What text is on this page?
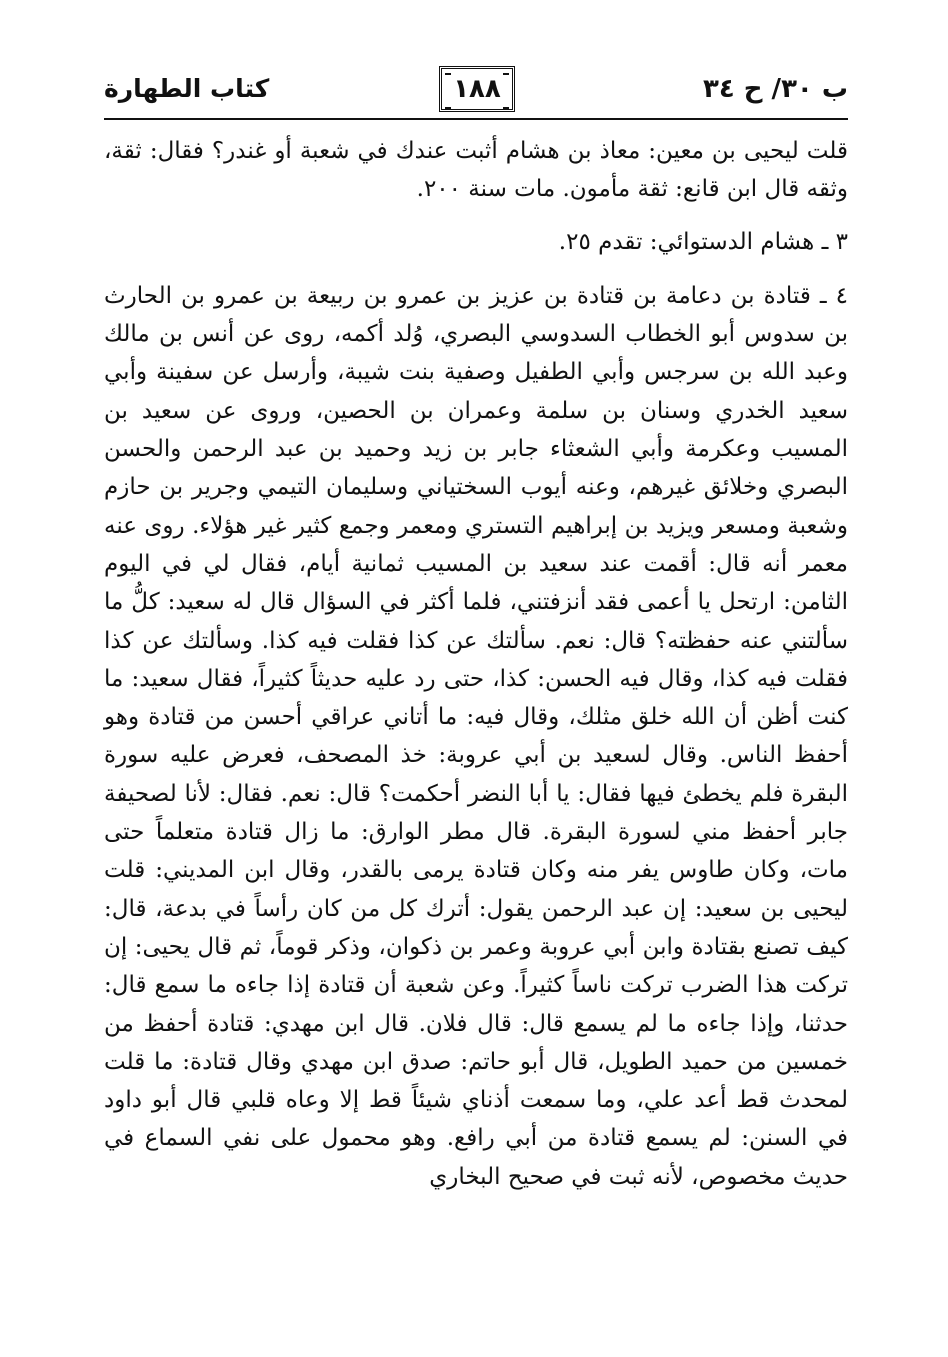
ب ٣٠/ ح ٣٤
١٨٨
كتاب الطهارة

قلت ليحيى بن معين: معاذ بن هشام أثبت عندك في شعبة أو غندر؟ فقال: ثقة، وثقه قال ابن قانع: ثقة مأمون. مات سنة ٢٠٠.

٣ ـ هشام الدستوائي: تقدم ٢٥.

٤ ـ قتادة بن دعامة بن قتادة بن عزيز بن عمرو بن ربيعة بن عمرو بن الحارث بن سدوس أبو الخطاب السدوسي البصري، وُلد أكمه، روى عن أنس بن مالك وعبد الله بن سرجس وأبي الطفيل وصفية بنت شيبة، وأرسل عن سفينة وأبي سعيد الخدري وسنان بن سلمة وعمران بن الحصين، وروى عن سعيد بن المسيب وعكرمة وأبي الشعثاء جابر بن زيد وحميد بن عبد الرحمن والحسن البصري وخلائق غيرهم، وعنه أيوب السختياني وسليمان التيمي وجرير بن حازم وشعبة ومسعر ويزيد بن إبراهيم التستري ومعمر وجمع كثير غير هؤلاء. روى عنه معمر أنه قال: أقمت عند سعيد بن المسيب ثمانية أيام، فقال لي في اليوم الثامن: ارتحل يا أعمى فقد أنزفتني، فلما أكثر في السؤال قال له سعيد: كلُّ ما سألتني عنه حفظته؟ قال: نعم. سألتك عن كذا فقلت فيه كذا. وسألتك عن كذا فقلت فيه كذا، وقال فيه الحسن: كذا، حتى رد عليه حديثاً كثيراً، فقال سعيد: ما كنت أظن أن الله خلق مثلك، وقال فيه: ما أتاني عراقي أحسن من قتادة وهو أحفظ الناس. وقال لسعيد بن أبي عروبة: خذ المصحف، فعرض عليه سورة البقرة فلم يخطئ فيها فقال: يا أبا النضر أحكمت؟ قال: نعم. فقال: لأنا لصحيفة جابر أحفظ مني لسورة البقرة. قال مطر الوارق: ما زال قتادة متعلماً حتى مات، وكان طاوس يفر منه وكان قتادة يرمى بالقدر، وقال ابن المديني: قلت ليحيى بن سعيد: إن عبد الرحمن يقول: أترك كل من كان رأساً في بدعة، قال: كيف تصنع بقتادة وابن أبي عروبة وعمر بن ذكوان، وذكر قوماً، ثم قال يحيى: إن تركت هذا الضرب تركت ناساً كثيراً. وعن شعبة أن قتادة إذا جاءه ما سمع قال: حدثنا، وإذا جاءه ما لم يسمع قال: قال فلان. قال ابن مهدي: قتادة أحفظ من خمسين من حميد الطويل، قال أبو حاتم: صدق ابن مهدي وقال قتادة: ما قلت لمحدث قط أعد علي، وما سمعت أذناي شيئاً قط إلا وعاه قلبي قال أبو داود في السنن: لم يسمع قتادة من أبي رافع. وهو محمول على نفي السماع في حديث مخصوص، لأنه ثبت في صحيح البخاري
